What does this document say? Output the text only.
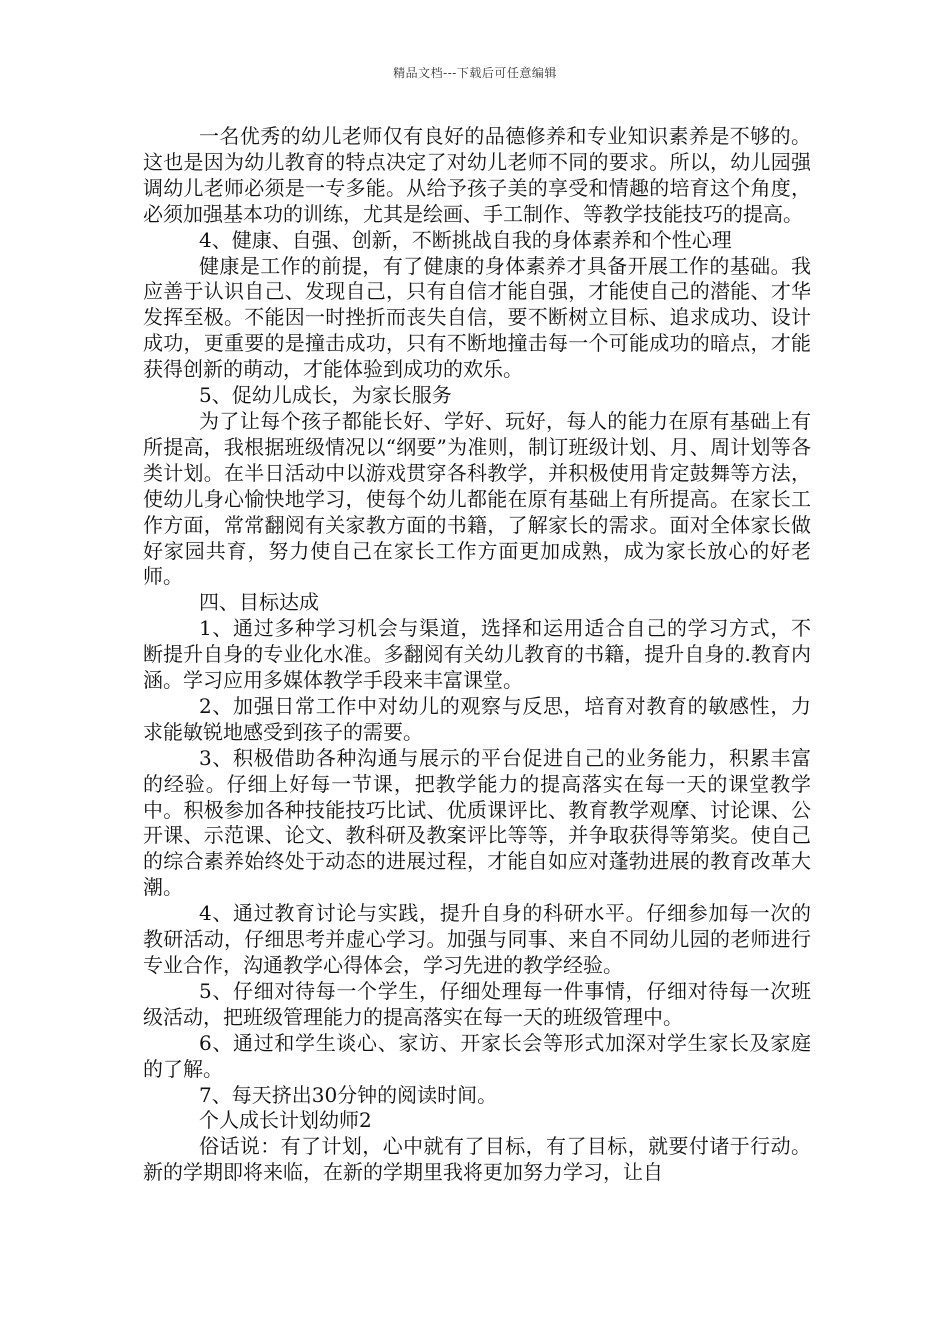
精品文档---下载后可任意编辑

一名优秀的幼儿老师仅有良好的品德修养和专业知识素养是不够的。这也是因为幼儿教育的特点决定了对幼儿老师不同的要求。所以，幼儿园强调幼儿老师必须是一专多能。从给予孩子美的享受和情趣的培育这个角度，必须加强基本功的训练，尤其是绘画、手工制作、等教学技能技巧的提高。

4、健康、自强、创新，不断挑战自我的身体素养和个性心理

健康是工作的前提，有了健康的身体素养才具备开展工作的基础。我应善于认识自己、发现自己，只有自信才能自强，才能使自己的潜能、才华发挥至极。不能因一时挫折而丧失自信，要不断树立目标、追求成功、设计成功，更重要的是撞击成功，只有不断地撞击每一个可能成功的暗点，才能获得创新的萌动，才能体验到成功的欢乐。

5、促幼儿成长，为家长服务

为了让每个孩子都能长好、学好、玩好，每人的能力在原有基础上有所提高，我根据班级情况以“纲要”为准则，制订班级计划、月、周计划等各类计划。在半日活动中以游戏贯穿各科教学，并积极使用肯定鼓舞等方法，使幼儿身心愉快地学习，使每个幼儿都能在原有基础上有所提高。在家长工作方面，常常翻阅有关家教方面的书籍，了解家长的需求。面对全体家长做好家园共育，努力使自己在家长工作方面更加成熟，成为家长放心的好老师。

四、目标达成

1、通过多种学习机会与渠道，选择和运用适合自己的学习方式，不断提升自身的专业化水准。多翻阅有关幼儿教育的书籍，提升自身的.教育内涵。学习应用多媒体教学手段来丰富课堂。

2、加强日常工作中对幼儿的观察与反思，培育对教育的敏感性，力求能敏锐地感受到孩子的需要。

3、积极借助各种沟通与展示的平台促进自己的业务能力，积累丰富的经验。仔细上好每一节课，把教学能力的提高落实在每一天的课堂教学中。积极参加各种技能技巧比试、优质课评比、教育教学观摩、讨论课、公开课、示范课、论文、教科研及教案评比等等，并争取获得等第奖。使自己的综合素养始终处于动态的进展过程，才能自如应对蓬勃进展的教育改革大潮。

4、通过教育讨论与实践，提升自身的科研水平。仔细参加每一次的教研活动，仔细思考并虚心学习。加强与同事、来自不同幼儿园的老师进行专业合作，沟通教学心得体会，学习先进的教学经验。

5、仔细对待每一个学生，仔细处理每一件事情，仔细对待每一次班级活动，把班级管理能力的提高落实在每一天的班级管理中。

6、通过和学生谈心、家访、开家长会等形式加深对学生家长及家庭的了解。

7、每天挤出30分钟的阅读时间。

个人成长计划幼师2

俗话说：有了计划，心中就有了目标，有了目标，就要付诸于行动。新的学期即将来临，在新的学期里我将更加努力学习，让自
